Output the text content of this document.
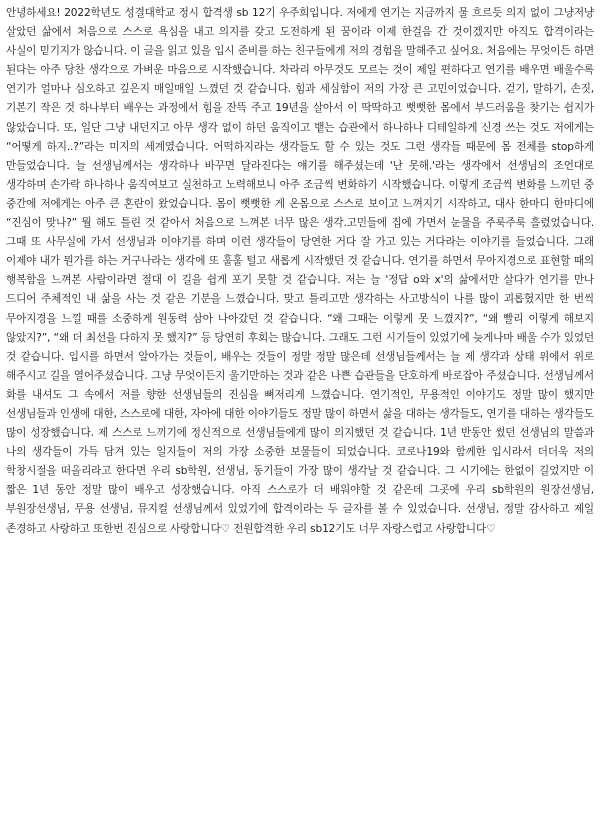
안녕하세요! 2022학년도 성결대학교 정시 합격생 sb 12기 우주희입니다. 저에게 연기는 지금까지 물 흐르듯 의지 없이 그냥저냥 살았던 삶에서 처음으로 스스로 욕심을 내고 의지를 갖고 도전하게 된 꿈이라 이제 한걸음 간 것이겠지만 아직도 합격이라는 사실이 믿기지가 않습니다. 이 글을 읽고 있을 입시 준비를 하는 친구들에게 저의 경험을 말해주고 싶어요. 처음에는 무엇이든 하면 된다는 아주 당찬 생각으로 가벼운 마음으로 시작했습니다. 차라리 아무것도 모르는 것이 제일 편하다고 연기를 배우면 배울수록 연기가 얼마나 심오하고 깊은지 매일매일 느꼈던 것 같습니다. 힘과 세심함이 저의 가장 큰 고민이었습니다. 걷기, 말하기, 손짓, 기본기 작은 것 하나부터 배우는 과정에서 힘을 잔뜩 주고 19년을 살아서 이 딱딱하고 뻣뻣한 몸에서 부드러움을 찾기는 쉽지가 않았습니다. 또, 일단 그냥 내던지고 아무 생각 없이 하던 움직이고 뱉는 습관에서 하나하나 디테일하게 신경 쓰는 것도 저에게는 “어떻게 하지..?”라는 미지의 세계였습니다. 어떡하지라는 생각들도 할 수 있는 것도 그런 생각들 때문에 몸 전체를 stop하게 만들었습니다. 늘 선생님께서는 생각하나 바꾸면 달라진다는 얘기를 해주셨는데 '난 못해.'라는 생각에서 선생님의 조언대로 생각하며 손가락 하나하나 움직여보고 실천하고 노력해보니 아주 조금씩 변화하기 시작했습니다. 이렇게 조금씩 변화를 느끼던 중 중간에 저에게는 아주 큰 혼란이 왔었습니다. 몸이 뻣뻣한 게 온몸으로 스스로 보이고 느껴지기 시작하고, 대사 한마디 한마디에 “진심이 맞나?” 뭘 해도 틀린 것 같아서 처음으로 느껴본 너무 많은 생각.고민들에 집에 가면서 눈물을 주룩주룩 흘렸었습니다. 그때 또 사무실에 가서 선생님과 이야기를 하며 이런 생각들이 당연한 거다 잘 가고 있는 거다라는 이야기를 들었습니다. 그래 이제야 내가 뭔가를 하는 거구나라는 생각에 또 훌훌 털고 새롭게 시작했던 것 같습니다. 연기를 하면서 무아지경으로 표현할 때의 행복함을 느껴본 사람이라면 절대 이 길을 쉽게 포기 못할 것 같습니다. 저는 늘 '정답 o와 x'의 삶에서만 살다가 연기를 만나 드디어 주체적인 내 삶을 사는 것 같은 기분을 느꼈습니다. 맞고 틀리고만 생각하는 사고방식이 나를 많이 괴롭혔지만 한 번씩 무아지경을 느낄 때를 소중하게 원동력 삼아 나아갔던 것 같습니다. “왜 그때는 이렇게 못 느꼈지?”, “왜 빨리 이렇게 해보지 않았지?”, “왜 더 최선을 다하지 못 했지?” 등 당연히 후회는 많습니다. 그래도 그런 시기들이 있었기에 늦게나마 배울 수가 있었던 것 같습니다. 입시를 하면서 알아가는 것들이, 배우는 것들이 정말 정말 많은데 선생님들께서는 늘 제 생각과 상태 위에서 위로 해주시고 길을 열어주셨습니다. 그냥 무엇이든지 울기만하는 것과 같은 나쁜 습관들을 단호하게 바로잡아 주셨습니다. 선생님께서 화를 내셔도 그 속에서 저를 향한 선생님들의 진심을 뼈저리게 느꼈습니다. 연기적인, 무용적인 이야기도 정말 많이 했지만 선생님들과 인생에 대한, 스스로에 대한, 자아에 대한 이야기들도 정말 많이 하면서 삶을 대하는 생각들도, 연기를 대하는 생각들도 많이 성장했습니다. 제 스스로 느끼기에 정신적으로 선생님들에게 많이 의지했던 것 같습니다. 1년 반동안 썼던 선생님의 말씀과 나의 생각들이 가득 담겨 있는 일지들이 저의 가장 소중한 보물들이 되었습니다. 코로나19와 함께한 입시라서 더더욱 저의 학창시절을 떠올리라고 한다면 우리 sb학원, 선생님, 동기들이 가장 많이 생각날 것 같습니다. 그 시기에는 한없이 길었지만 이 짧은 1년 동안 정말 많이 배우고 성장했습니다. 아직 스스로가 더 배워야할 것 같은데 그곳에 우리 sb학원의 원장선생님, 부원장선생님, 무용 선생님, 뮤지컬 선생님께서 있었기에 합격이라는 두 글자를 볼 수 있었습니다. 선생님, 정말 감사하고 제일 존경하고 사랑하고 또한번 진심으로 사랑합니다♡ 전원합격한 우리 sb12기도 너무 자랑스럽고 사랑합니다♡
